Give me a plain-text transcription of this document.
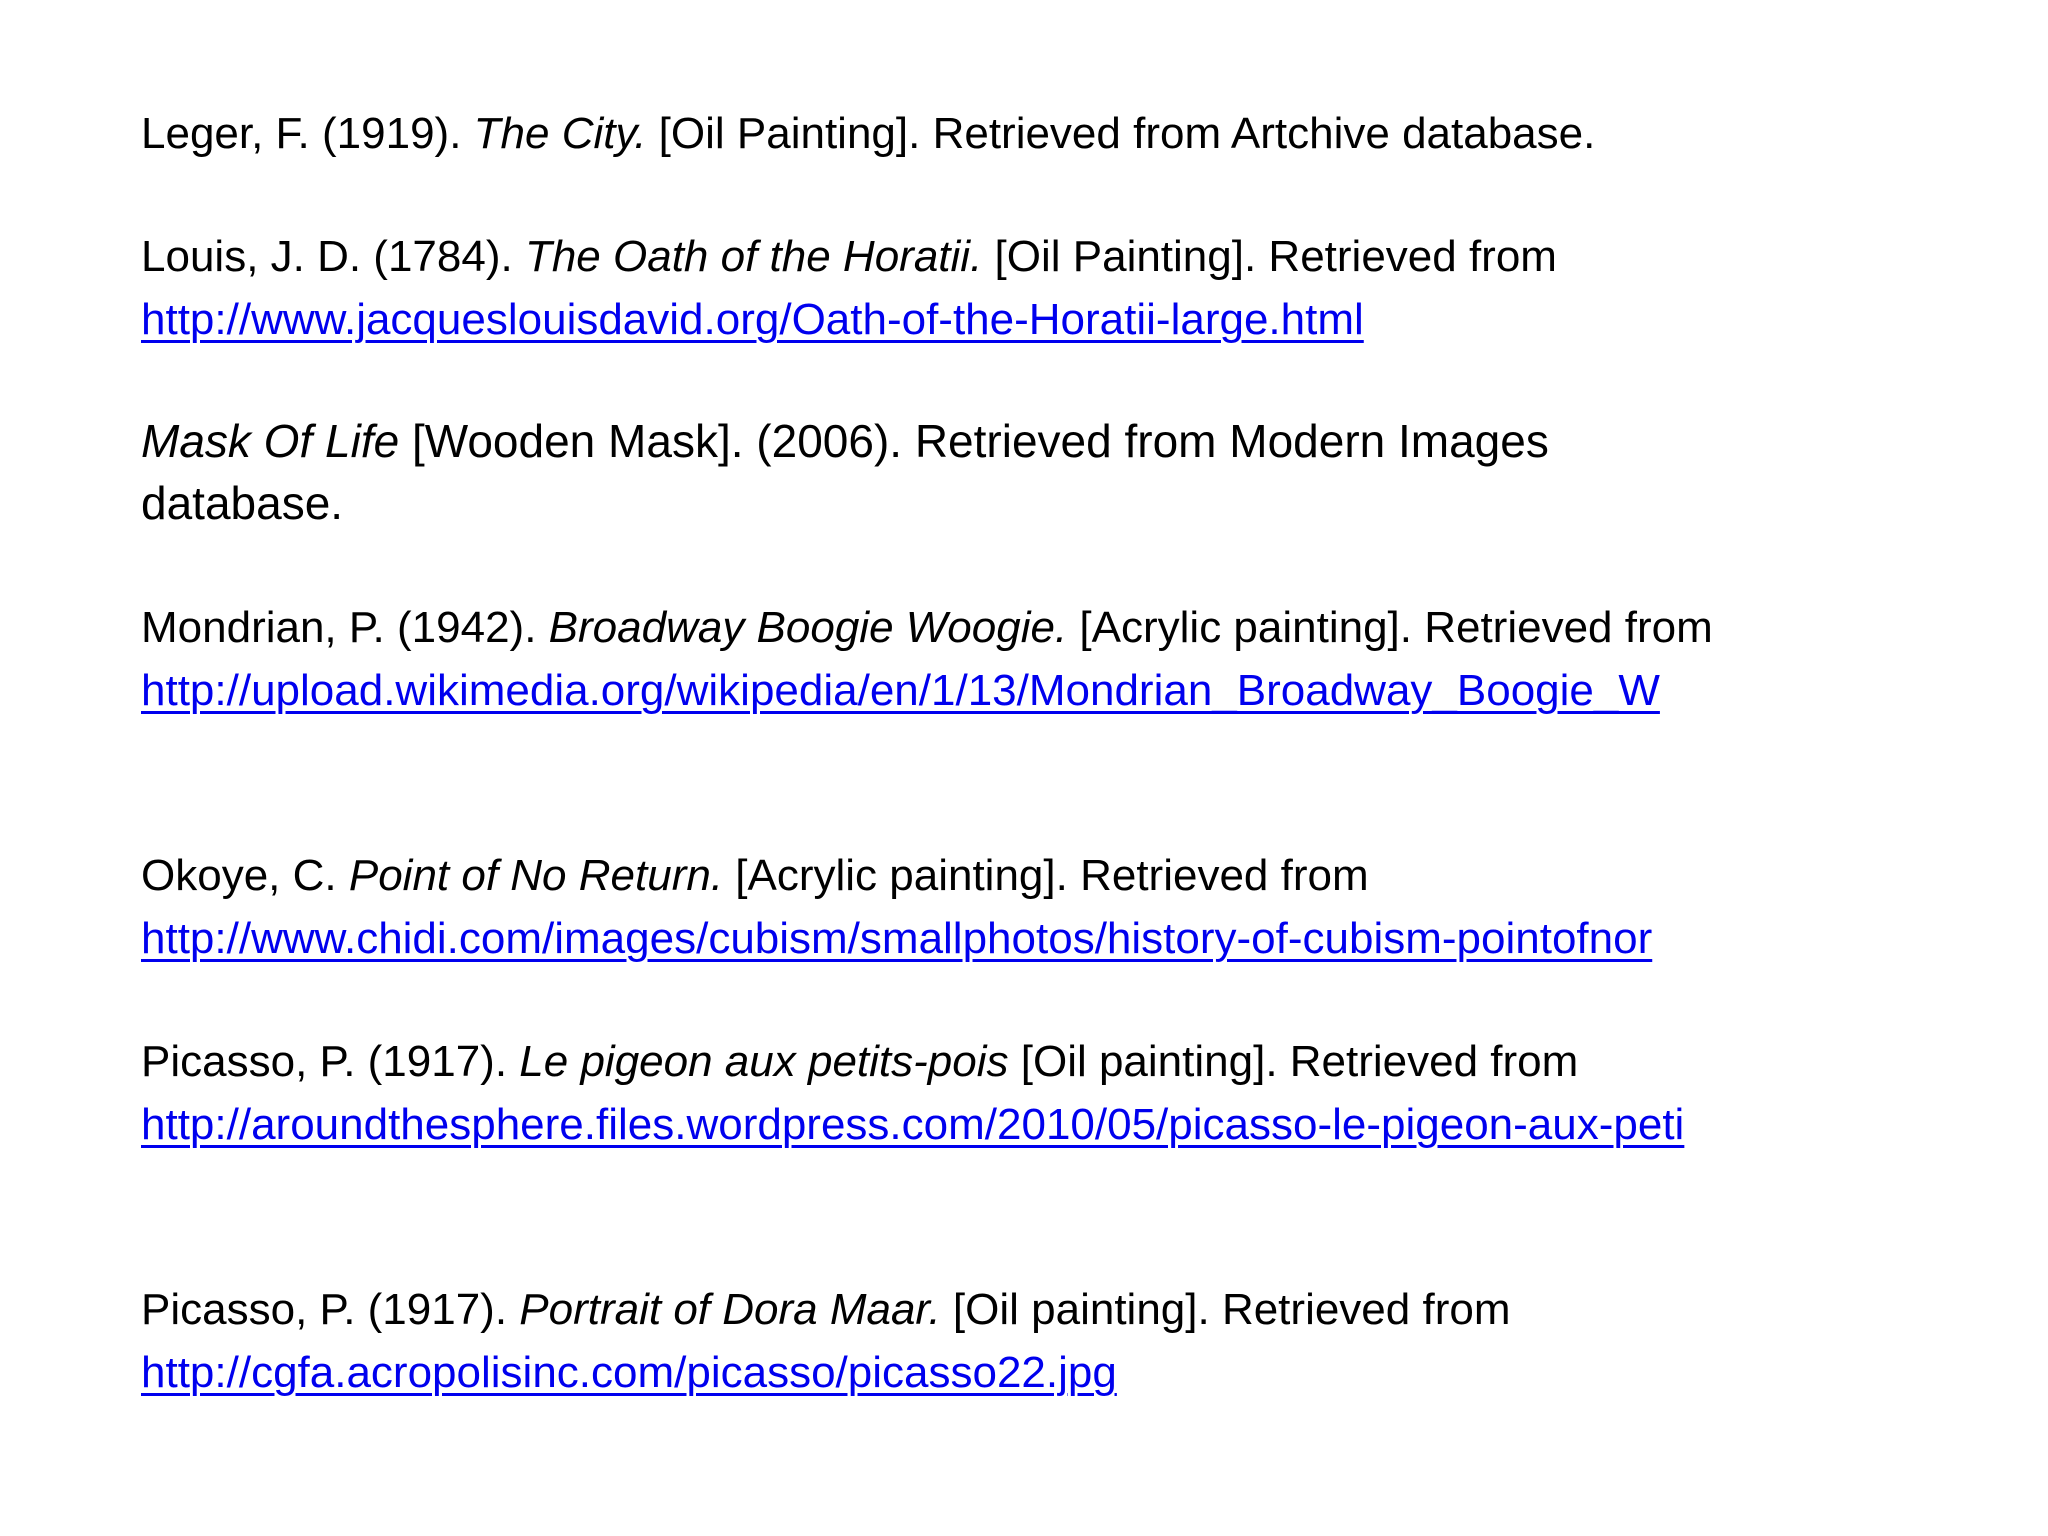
Leger, F. (1919). The City. [Oil Painting]. Retrieved from Artchive database.
Louis, J. D. (1784). The Oath of the Horatii. [Oil Painting]. Retrieved from
http://www.jacqueslouisdavid.org/Oath-of-the-Horatii-large.html
Mask Of Life [Wooden Mask]. (2006). Retrieved from Modern Images
database.
Mondrian, P. (1942). Broadway Boogie Woogie. [Acrylic painting]. Retrieved from
http://upload.wikimedia.org/wikipedia/en/1/13/Mondrian_Broadway_Boogie_W
Okoye, C. Point of No Return. [Acrylic painting]. Retrieved from
http://www.chidi.com/images/cubism/smallphotos/history-of-cubism-pointofnor
Picasso, P. (1917). Le pigeon aux petits-pois [Oil painting]. Retrieved from
http://aroundthesphere.files.wordpress.com/2010/05/picasso-le-pigeon-aux-peti
Picasso, P. (1917). Portrait of Dora Maar. [Oil painting]. Retrieved from
http://cgfa.acropolisinc.com/picasso/picasso22.jpg
